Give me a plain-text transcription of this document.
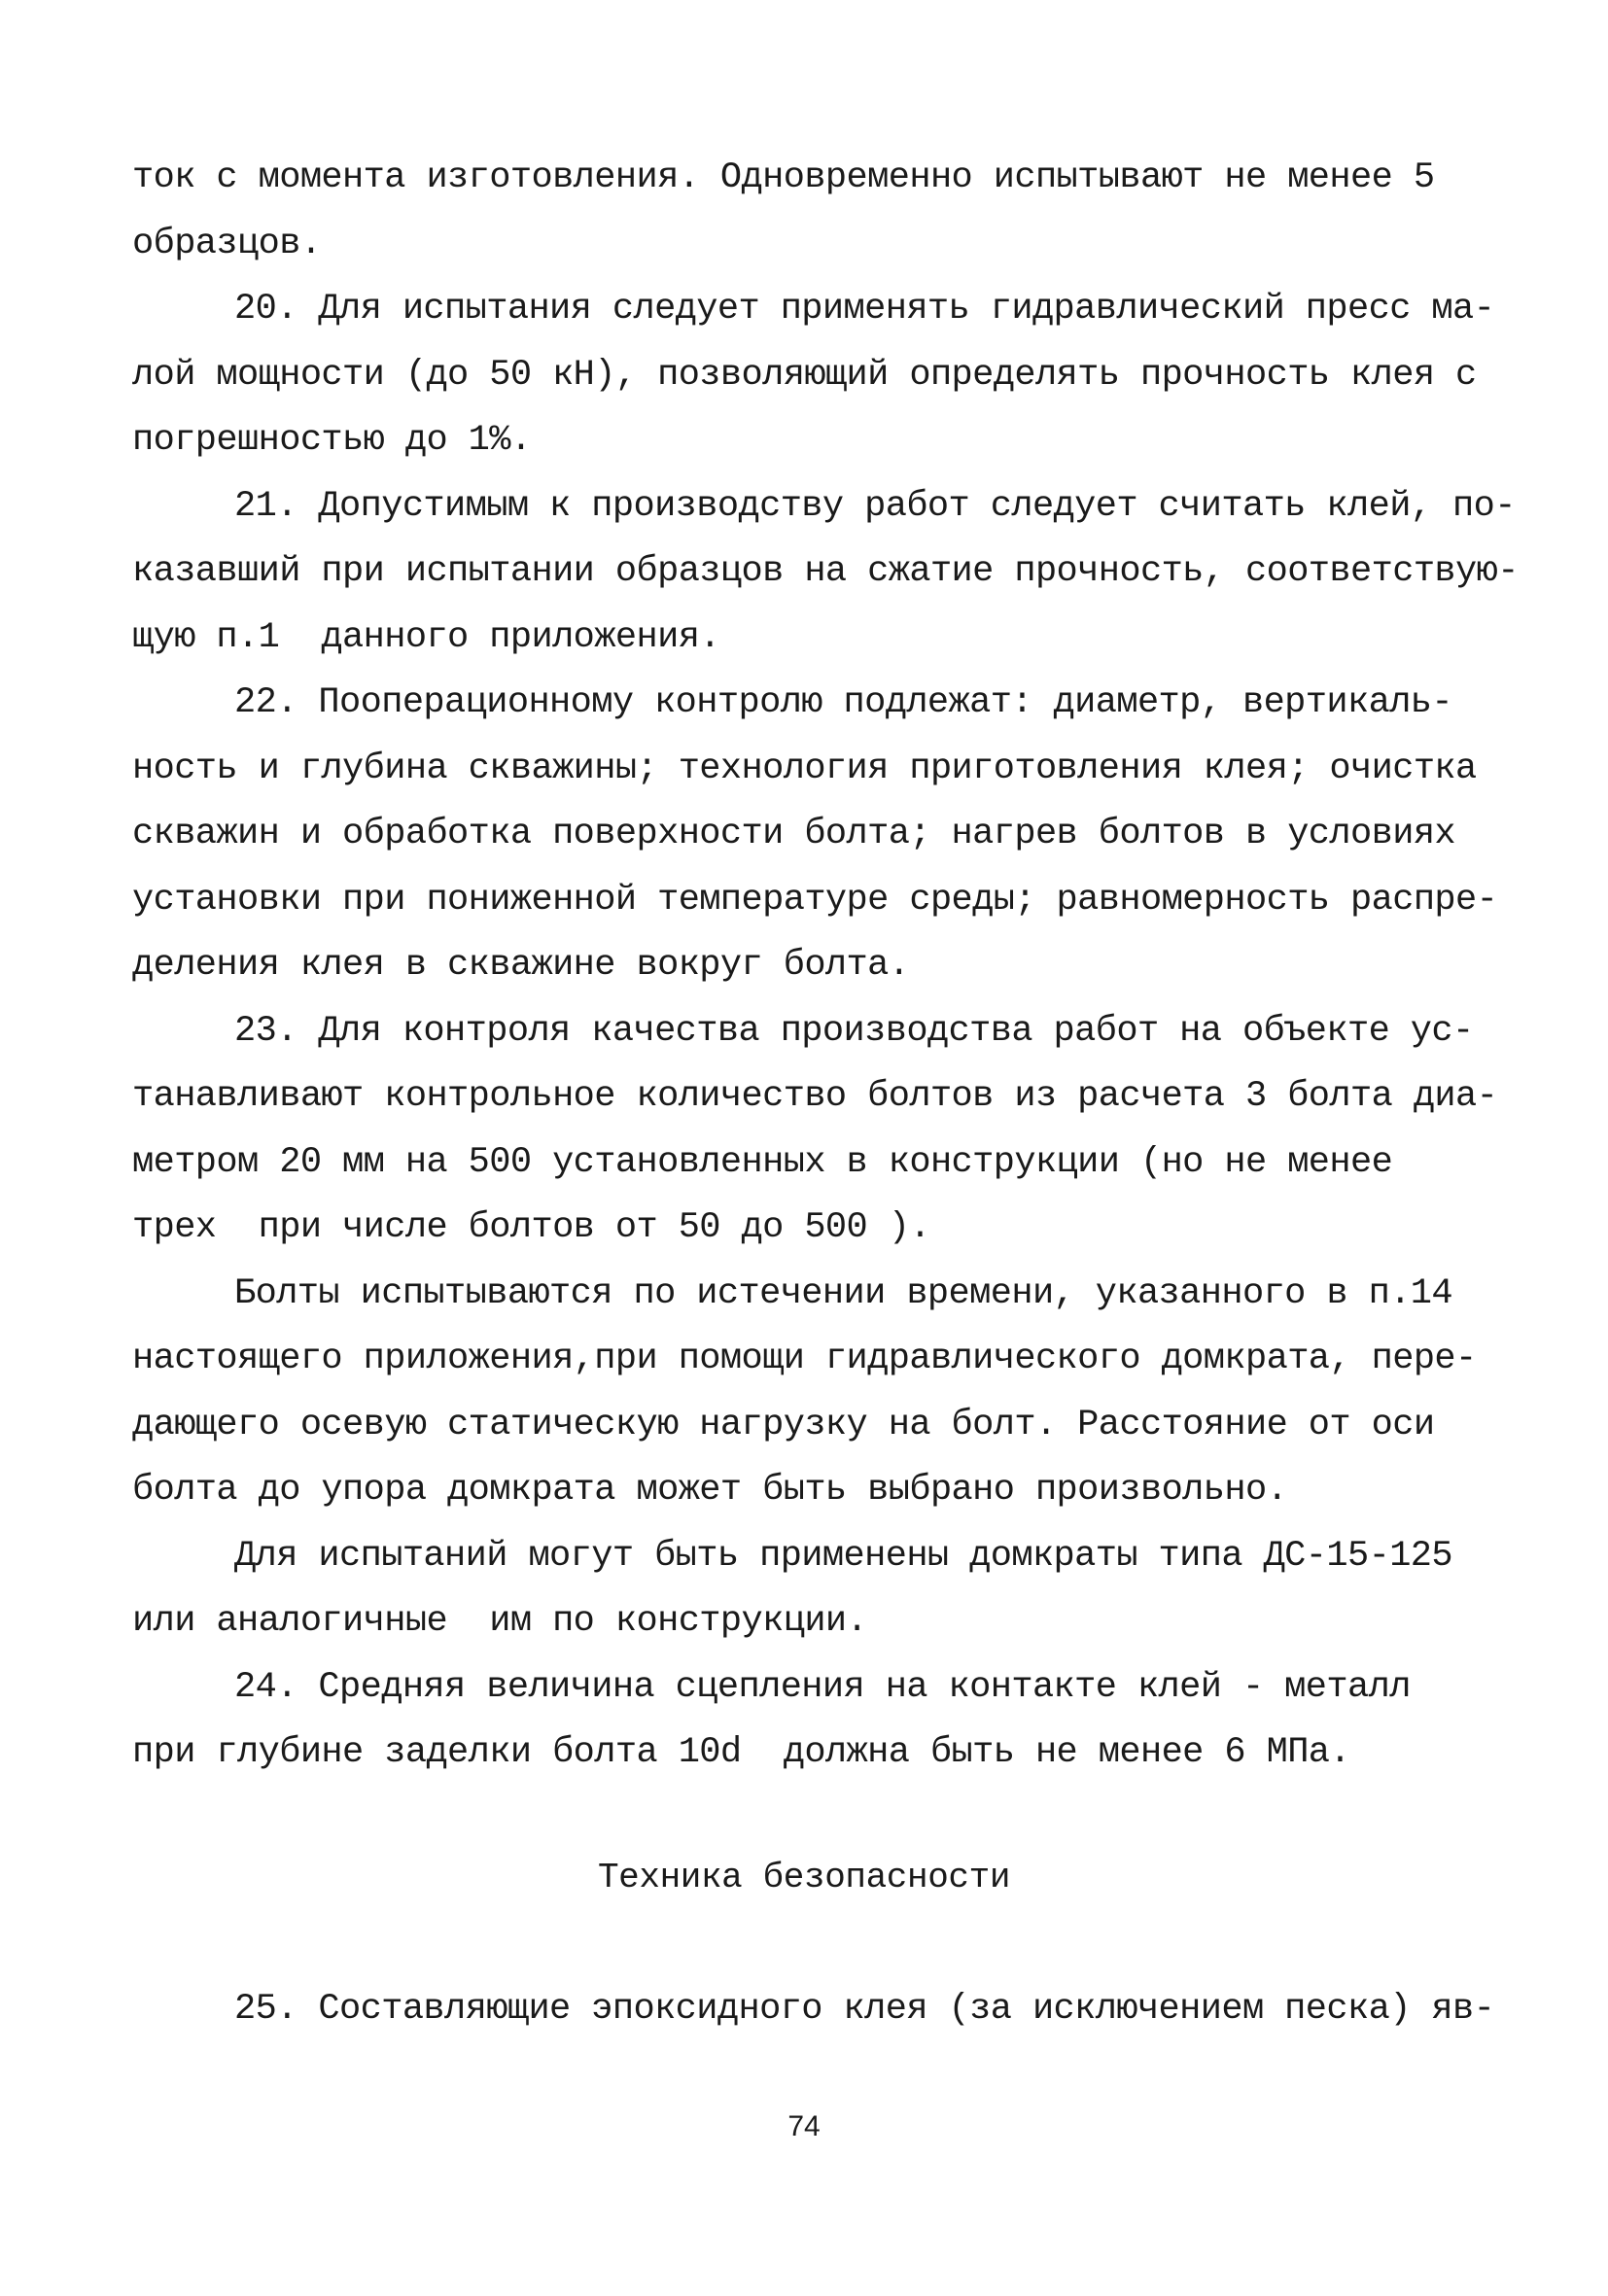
ток с момента изготовления. Одновременно испытывают не менее 5
образцов.
20. Для испытания следует применять гидравлический пресс ма-
лой мощности (до 50 кН), позволяющий определять прочность клея с
погрешностью до 1%.
21. Допустимым к производству работ следует считать клей, по-
казавший при испытании образцов на сжатие прочность, соответствую-
щую п.1  данного приложения.
22. Пооперационному контролю подлежат: диаметр, вертикаль-
ность и глубина скважины; технология приготовления клея; очистка
скважин и обработка поверхности болта; нагрев болтов в условиях
установки при пониженной температуре среды; равномерность распре-
деления клея в скважине вокруг болта.
23. Для контроля качества производства работ на объекте ус-
танавливают контрольное количество болтов из расчета 3 болта диа-
метром 20 мм на 500 установленных в конструкции (но не менее
трех  при числе болтов от 50 до 500 ).
Болты испытываются по истечении времени, указанного в п.14
настоящего приложения,при помощи гидравлического домкрата, пере-
дающего осевую статическую нагрузку на болт. Расстояние от оси
болта до упора домкрата может быть выбрано произвольно.
Для испытаний могут быть применены домкраты типа ДС-15-125
или аналогичные  им по конструкции.
24. Средняя величина сцепления на контакте клей - металл
при глубине заделки болта 10d  должна быть не менее 6 МПа.
Техника безопасности
25. Составляющие эпоксидного клея (за исключением песка) яв-
74
